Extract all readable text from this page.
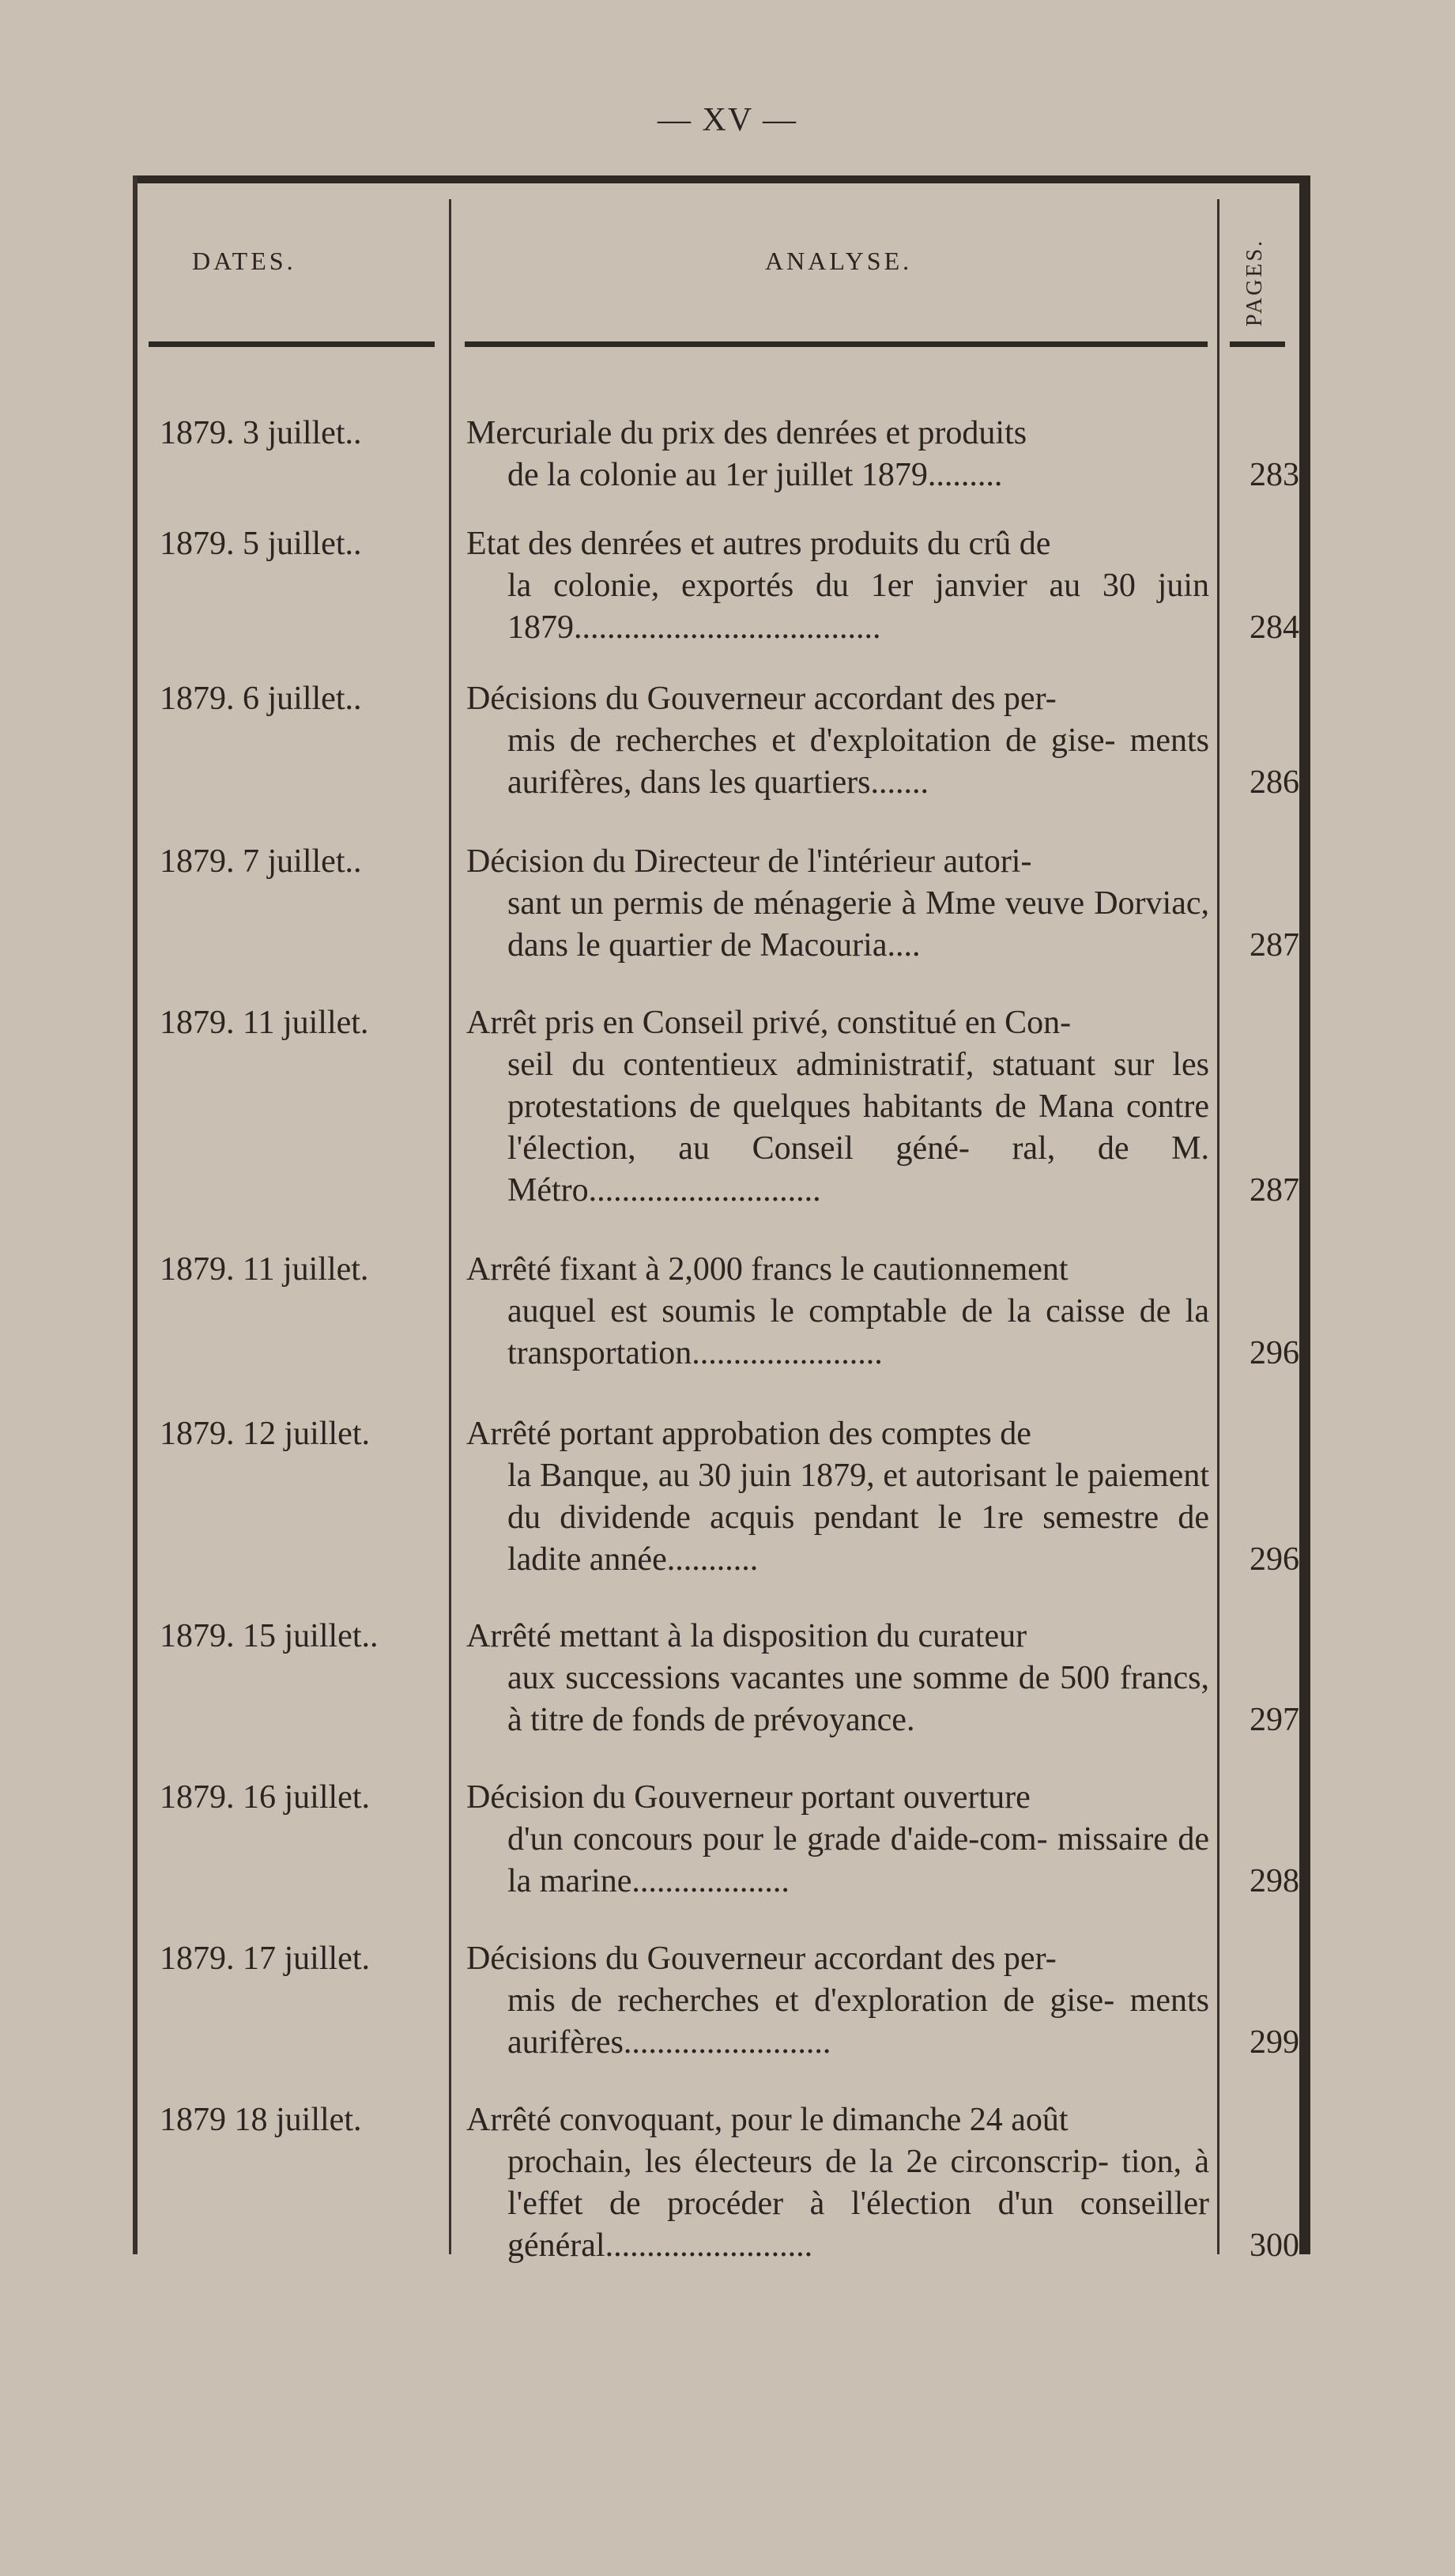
— XV —
DATES.	ANALYSE.	PAGES.
1879. 3 juillet..	Mercuriale du prix des denrées et produits
de la colonie au 1er juillet 1879.........	283
1879. 5 juillet..	Etat des denrées et autres produits du crû de
la colonie, exportés du 1er janvier au 30 juin 1879.....................................	284
1879. 6 juillet..	Décisions du Gouverneur accordant des per-
mis de recherches et d'exploitation de gise- ments aurifères, dans les quartiers.......	286
1879. 7 juillet..	Décision du Directeur de l'intérieur autori-
sant un permis de ménagerie à Mme veuve Dorviac, dans le quartier de Macouria....	287
1879. 11 juillet.	Arrêt pris en Conseil privé, constitué en Con-
seil du contentieux administratif, statuant sur les protestations de quelques habitants de Mana contre l'élection, au Conseil géné- ral, de M. Métro............................	287
1879. 11 juillet.	Arrêté fixant à 2,000 francs le cautionnement
auquel est soumis le comptable de la caisse de la transportation.......................	296
1879. 12 juillet.	Arrêté portant approbation des comptes de
la Banque, au 30 juin 1879, et autorisant le paiement du dividende acquis pendant le 1re semestre de ladite année...........	296
1879. 15 juillet..	Arrêté mettant à la disposition du curateur
aux successions vacantes une somme de 500 francs, à titre de fonds de prévoyance.	297
1879. 16 juillet.	Décision du Gouverneur portant ouverture
d'un concours pour le grade d'aide-com- missaire de la marine...................	298
1879. 17 juillet.	Décisions du Gouverneur accordant des per-
mis de recherches et d'exploration de gise- ments aurifères.........................	299
1879 18 juillet.	Arrêté convoquant, pour le dimanche 24 août
prochain, les électeurs de la 2e circonscrip- tion, à l'effet de procéder à l'élection d'un conseiller général.........................	300
